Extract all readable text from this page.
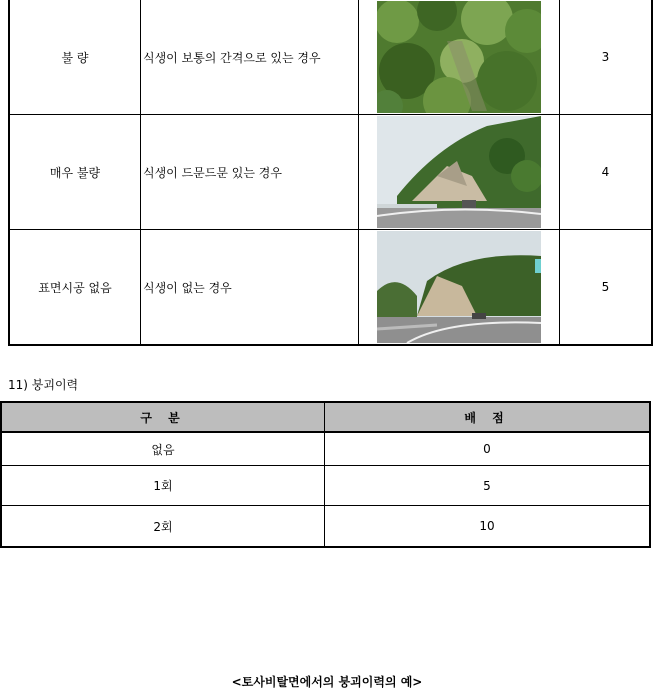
불 량	식생이 보통의 간격으로 있는 경우		3
매우 불량	식생이 드문드문 있는 경우		4
표면시공 없음	식생이 없는 경우		5
11) 붕괴이력
구 분	배 점
없음	0
1회	5
2회	10
<토사비탈면에서의 붕괴이력의 예>
